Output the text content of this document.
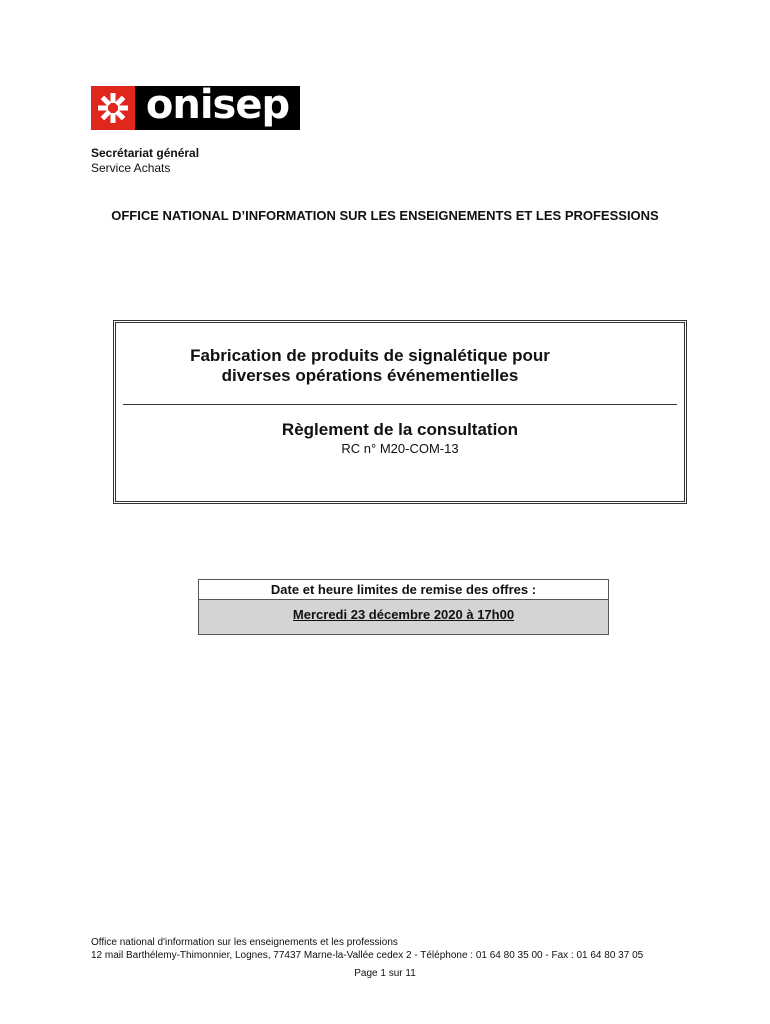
onisep
Secrétariat général
Service Achats
OFFICE NATIONAL D’INFORMATION SUR LES ENSEIGNEMENTS ET LES PROFESSIONS
Fabrication de produits de signalétique pour diverses opérations événementielles
Règlement de la consultation
RC n° M20-COM-13
Date et heure limites de remise des offres :
Mercredi 23 décembre 2020 à 17h00
Office national d'information sur les enseignements et les professions
12 mail Barthélemy-Thimonnier, Lognes, 77437 Marne-la-Vallée cedex 2 - Téléphone : 01 64 80 35 00 - Fax : 01 64 80 37 05
Page 1 sur 11
